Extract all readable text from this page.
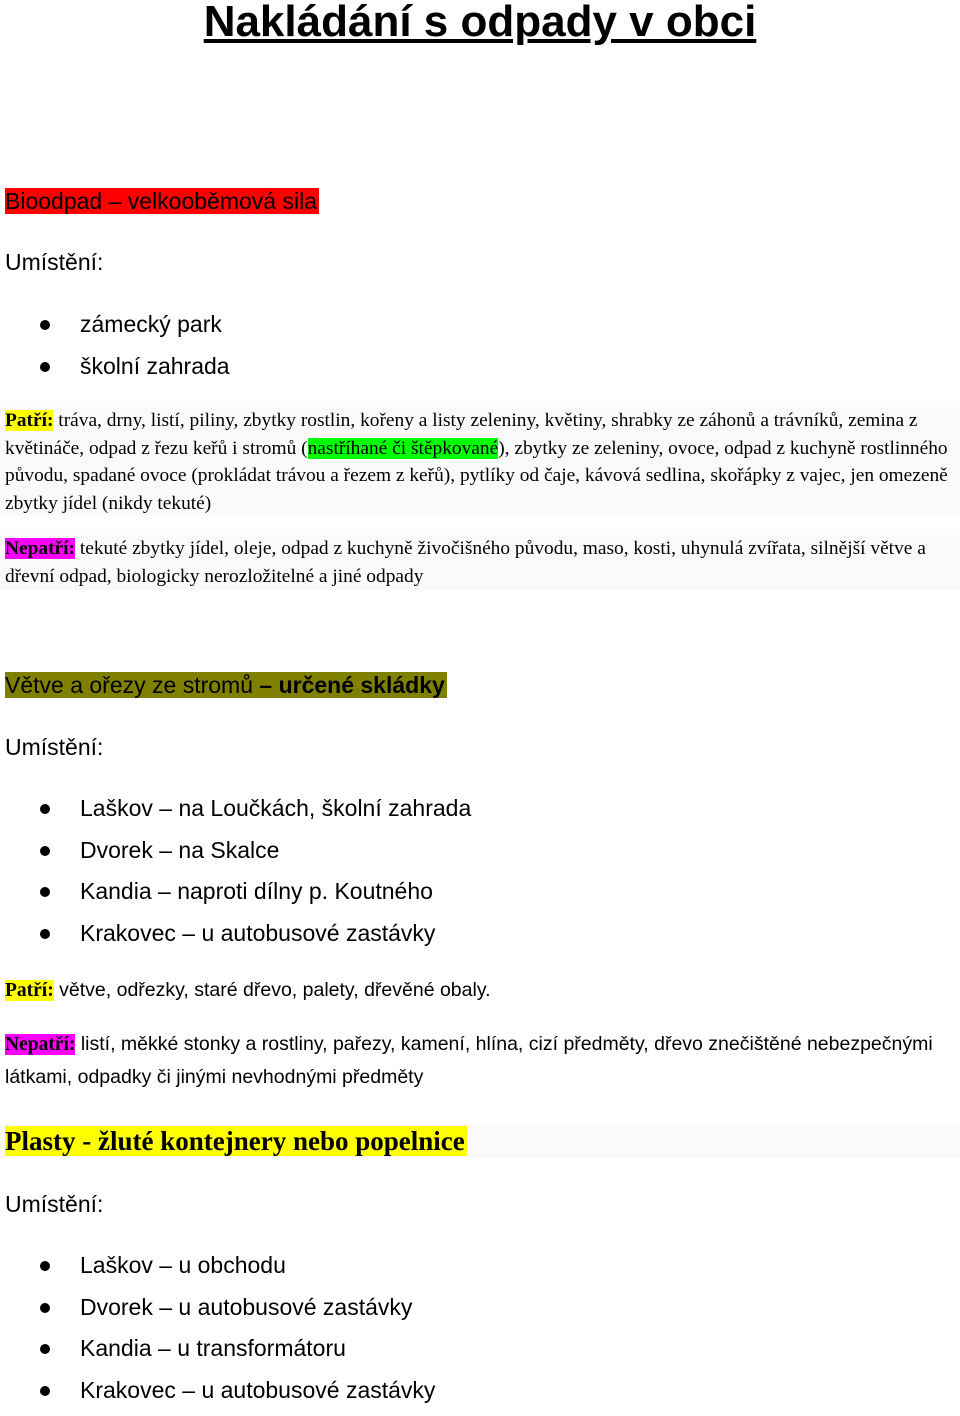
Nakládání s odpady v obci
Bioodpad – velkooběmová sila
Umístění:
zámecký park
školní zahrada
Patří: tráva, drny, listí, piliny, zbytky rostlin, kořeny a listy zeleniny, květiny, shrabky ze záhonů a trávníků, zemina z květináče, odpad z řezu keřů i stromů (nastříhané či štěpkované), zbytky ze zeleniny, ovoce, odpad z kuchyně rostlinného původu, spadané ovoce (prokládat trávou a řezem z keřů), pytlíky od čaje, kávová sedlina, skořápky z vajec, jen omezeně zbytky jídel (nikdy tekuté)
Nepatří: tekuté zbytky jídel, oleje, odpad z kuchyně živočišného původu, maso, kosti, uhynulá zvířata, silnější větve a dřevní odpad, biologicky nerozložitelné a jiné odpady
Větve a ořezy ze stromů – určené skládky
Umístění:
Laškov – na Loučkách, školní zahrada
Dvorek – na Skalce
Kandia – naproti dílny p. Koutného
Krakovec – u autobusové zastávky
Patří: větve, odřezky, staré dřevo, palety, dřevěné obaly.
Nepatří: listí, měkké stonky a rostliny, pařezy, kamení, hlína, cizí předměty, dřevo znečištěné nebezpečnými látkami, odpadky či jinými nevhodnými předměty
Plasty - žluté kontejnery nebo popelnice
Umístění:
Laškov – u obchodu
Dvorek – u autobusové zastávky
Kandia – u transformátoru
Krakovec – u autobusové zastávky
